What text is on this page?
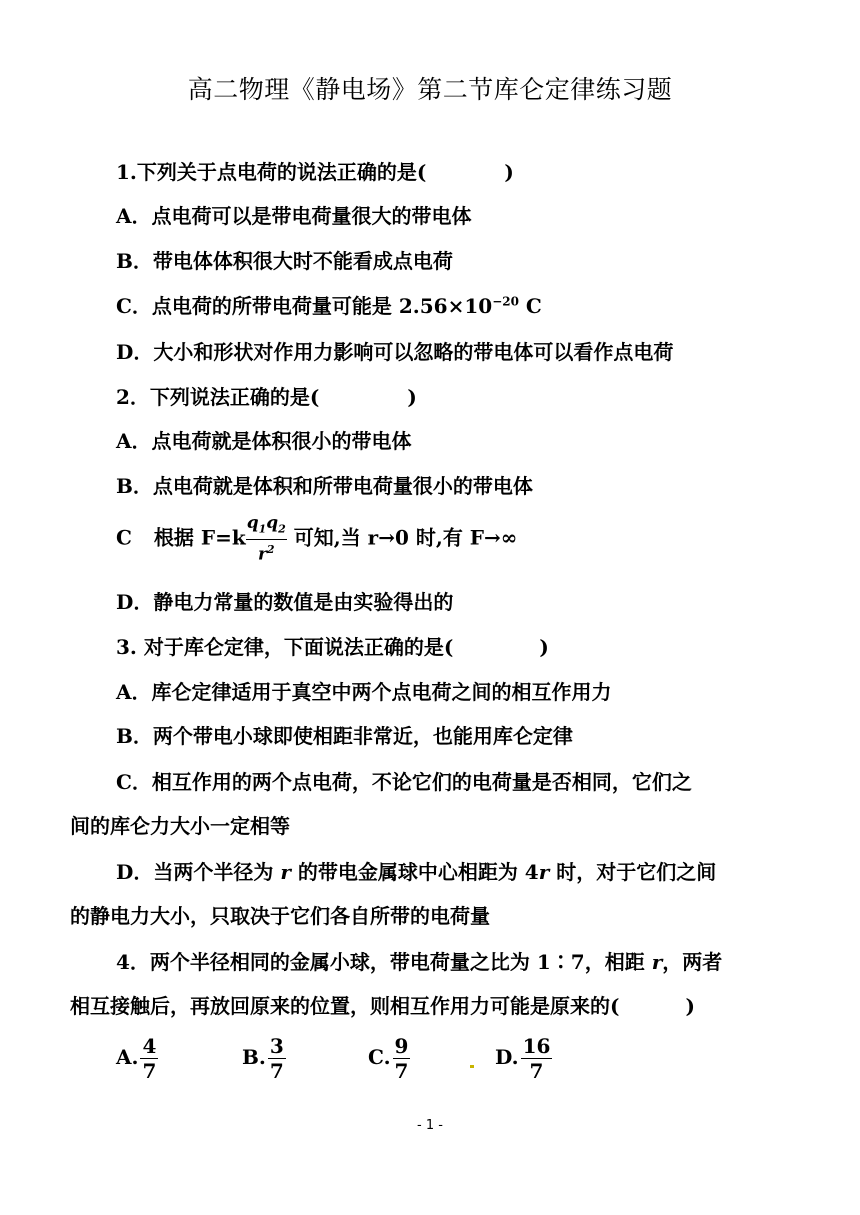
高二物理《静电场》第二节库仑定律练习题
1.下列关于点电荷的说法正确的是(	)
A．点电荷可以是带电荷量很大的带电体
B．带电体体积很大时不能看成点电荷
C．点电荷的所带电荷量可能是 $2.56\times 10^{-20}$ C
D．大小和形状对作用力影响可以忽略的带电体可以看作点电荷
2．下列说法正确的是(	)
A．点电荷就是体积很小的带电体
B．点电荷就是体积和所带电荷量很小的带电体
C 根据 $F=k \frac{q_1q_2}{r^2}$ 可知,当 r→0 时,有 F→∞
D．静电力常量的数值是由实验得出的
3. 对于库仑定律，下面说法正确的是(	)
A．库仑定律适用于真空中两个点电荷之间的相互作用力
B．两个带电小球即使相距非常近，也能用库仑定律
C．相互作用的两个点电荷，不论它们的电荷量是否相同，它们之
间的库仑力大小一定相等
D．当两个半径为 r 的带电金属球中心相距为 4r 时，对于它们之间
的静电力大小，只取决于它们各自所带的电荷量
4．两个半径相同的金属小球，带电荷量之比为 1∶7，相距 r，两者
相互接触后，再放回原来的位置，则相互作用力可能是原来的(	)
A. $\frac{4}{7}$	B. $\frac{3}{7}$	C. $\frac{9}{7}$	D. $\frac{16}{7}$
- 1 -
